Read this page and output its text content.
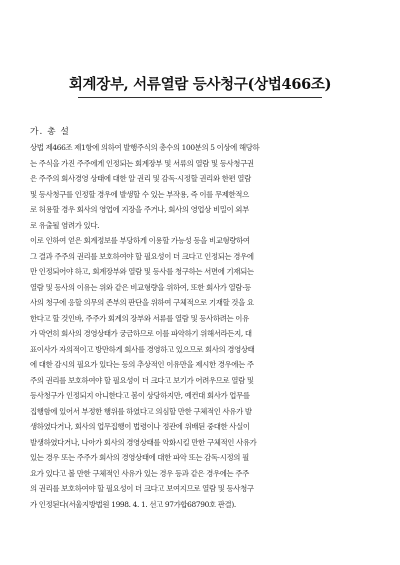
회계장부, 서류열람 등사청구(상법466조)
가. 총 설
상법 제466조 제1항에 의하여 발행주식의 총수의 100분의 5 이상에 해당하
는 주식을 가진 주주에게 인정되는 회계장부 및 서류의 열람 및 등사청구권
은 주주의 회사경영 상태에 대한 알 권리 및 감독·시정할 권리와 한편 열람
및 등사청구를 인정할 경우에 발생할 수 있는 부작용, 즉 이를 무제한적으
로 허용할 경우 회사의 영업에 지장을 주거나, 회사의 영업상 비밀이 외부
로 유출될 염려가 있다.
이로 인하여 얻은 회계정보를 부당하게 이용할 가능성 등을 비교형량하여
그 결과 주주의 권리를 보호하여야 할 필요성이 더 크다고 인정되는 경우에
만 인정되어야 하고, 회계장부와 열람 및 등사를 청구하는 서면에 기재되는
열람 및 등사의 이유는 위와 같은 비교형량을 위하여, 또한 회사가 열람·등
사의 청구에 응할 의무의 존부의 판단을 위하여 구체적으로 기재할 것을 요
한다고 할 것인바, 주주가 회계의 장부와 서류를 열람 및 등사하려는 이유
가 막연히 회사의 경영상태가 궁금하므로 이를 파악하기 위해서라든지, 대
표이사가 자의적이고 방만하게 회사를 경영하고 있으므로 회사의 경영상태
에 대한 감시의 필요가 있다는 등의 추상적인 이유만을 제시한 경우에는 주
주의 권리를 보호하여야 할 필요성이 더 크다고 보기가 어려우므로 열람 및
등사청구가 인정되지 아니한다고 봄이 상당하지만, 예컨대 회사가 업무를
집행함에 있어서 부정한 행위를 하였다고 의심할 만한 구체적인 사유가 발
생하였다거나, 회사의 업무집행이 법령이나 정관에 위배된 중대한 사실이
발생하였다거나, 나아가 회사의 경영상태를 악화시킬 만한 구체적인 사유가
있는 경우 또는 주주가 회사의 경영상태에 대한 파악 또는 감독·시정의 필
요가 있다고 볼 만한 구체적인 사유가 있는 경우 등과 같은 경우에는 주주
의 권리를 보호하여야 할 필요성이 더 크다고 보여지므로 열람 및 등사청구
가 인정된다(서울지방법원 1998. 4. 1. 선고 97가합68790호 판결).
